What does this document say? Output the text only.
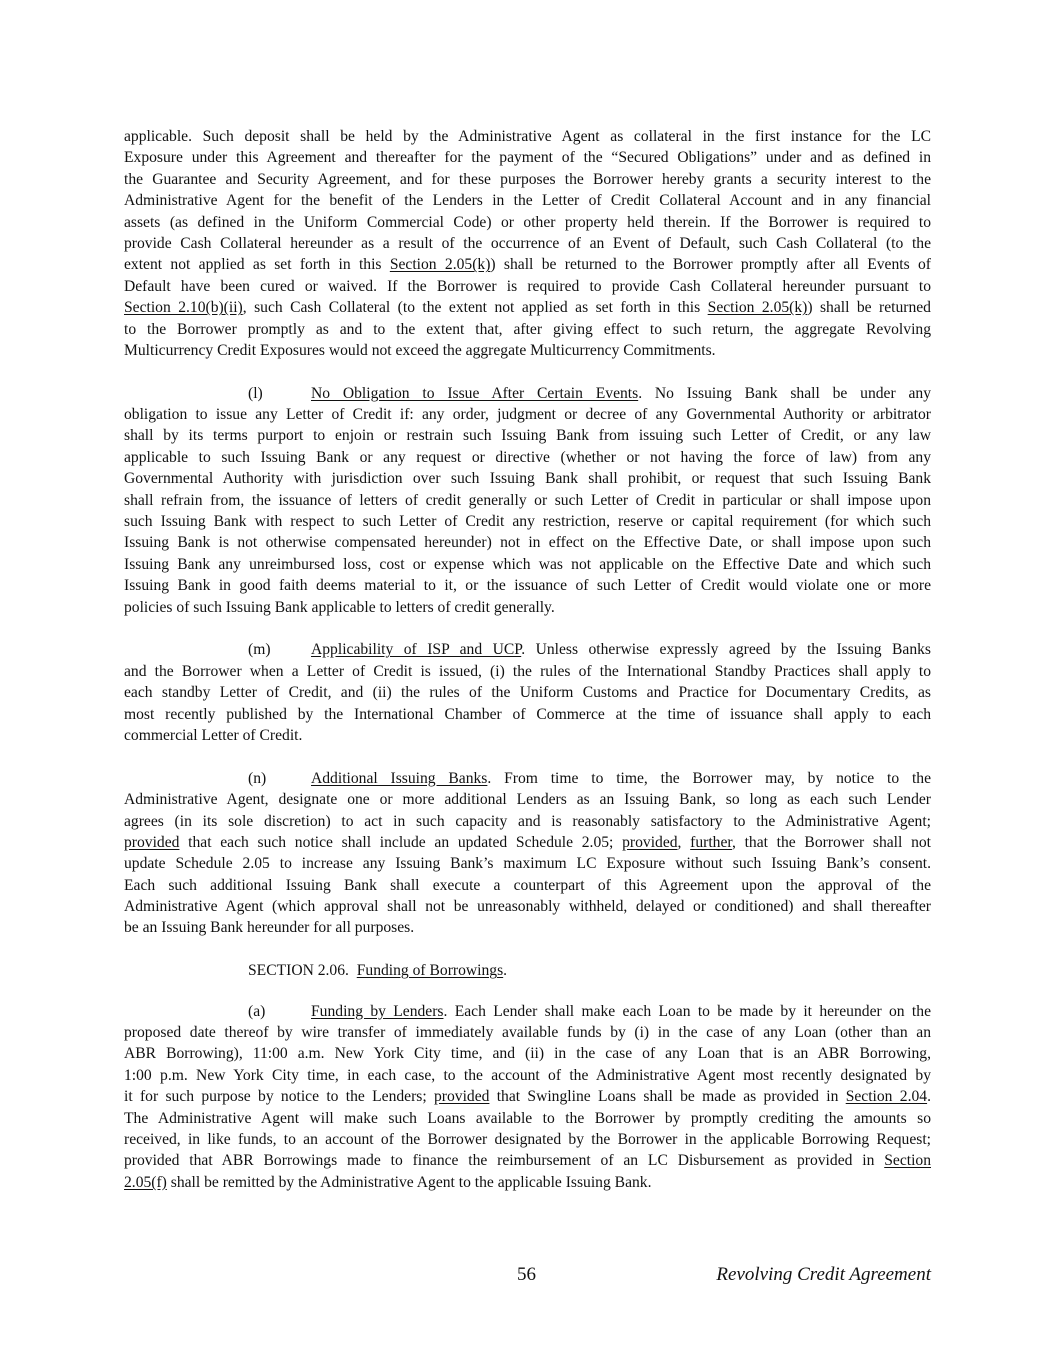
applicable. Such deposit shall be held by the Administrative Agent as collateral in the first instance for the LC
Exposure under this Agreement and thereafter for the payment of the “Secured Obligations” under and as defined in
the Guarantee and Security Agreement, and for these purposes the Borrower hereby grants a security interest to the
Administrative Agent for the benefit of the Lenders in the Letter of Credit Collateral Account and in any financial
assets (as defined in the Uniform Commercial Code) or other property held therein. If the Borrower is required to
provide Cash Collateral hereunder as a result of the occurrence of an Event of Default, such Cash Collateral (to the
extent not applied as set forth in this Section 2.05(k)) shall be returned to the Borrower promptly after all Events of
Default have been cured or waived. If the Borrower is required to provide Cash Collateral hereunder pursuant to
Section 2.10(b)(ii), such Cash Collateral (to the extent not applied as set forth in this Section 2.05(k)) shall be returned
to the Borrower promptly as and to the extent that, after giving effect to such return, the aggregate Revolving
Multicurrency Credit Exposures would not exceed the aggregate Multicurrency Commitments.
(l)	No Obligation to Issue After Certain Events. No Issuing Bank shall be under any
obligation to issue any Letter of Credit if: any order, judgment or decree of any Governmental Authority or arbitrator
shall by its terms purport to enjoin or restrain such Issuing Bank from issuing such Letter of Credit, or any law
applicable to such Issuing Bank or any request or directive (whether or not having the force of law) from any
Governmental Authority with jurisdiction over such Issuing Bank shall prohibit, or request that such Issuing Bank
shall refrain from, the issuance of letters of credit generally or such Letter of Credit in particular or shall impose upon
such Issuing Bank with respect to such Letter of Credit any restriction, reserve or capital requirement (for which such
Issuing Bank is not otherwise compensated hereunder) not in effect on the Effective Date, or shall impose upon such
Issuing Bank any unreimbursed loss, cost or expense which was not applicable on the Effective Date and which such
Issuing Bank in good faith deems material to it, or the issuance of such Letter of Credit would violate one or more
policies of such Issuing Bank applicable to letters of credit generally.
(m)	Applicability of ISP and UCP. Unless otherwise expressly agreed by the Issuing Banks
and the Borrower when a Letter of Credit is issued, (i) the rules of the International Standby Practices shall apply to
each standby Letter of Credit, and (ii) the rules of the Uniform Customs and Practice for Documentary Credits, as
most recently published by the International Chamber of Commerce at the time of issuance shall apply to each
commercial Letter of Credit.
(n)	Additional Issuing Banks. From time to time, the Borrower may, by notice to the
Administrative Agent, designate one or more additional Lenders as an Issuing Bank, so long as each such Lender
agrees (in its sole discretion) to act in such capacity and is reasonably satisfactory to the Administrative Agent;
provided that each such notice shall include an updated Schedule 2.05; provided, further, that the Borrower shall not
update Schedule 2.05 to increase any Issuing Bank’s maximum LC Exposure without such Issuing Bank’s consent.
Each such additional Issuing Bank shall execute a counterpart of this Agreement upon the approval of the
Administrative Agent (which approval shall not be unreasonably withheld, delayed or conditioned) and shall thereafter
be an Issuing Bank hereunder for all purposes.
SECTION 2.06.  Funding of Borrowings.
(a)	Funding by Lenders. Each Lender shall make each Loan to be made by it hereunder on the
proposed date thereof by wire transfer of immediately available funds by (i) in the case of any Loan (other than an
ABR Borrowing), 11:00 a.m. New York City time, and (ii) in the case of any Loan that is an ABR Borrowing,
1:00 p.m. New York City time, in each case, to the account of the Administrative Agent most recently designated by
it for such purpose by notice to the Lenders; provided that Swingline Loans shall be made as provided in Section 2.04.
The Administrative Agent will make such Loans available to the Borrower by promptly crediting the amounts so
received, in like funds, to an account of the Borrower designated by the Borrower in the applicable Borrowing Request;
provided that ABR Borrowings made to finance the reimbursement of an LC Disbursement as provided in Section
2.05(f) shall be remitted by the Administrative Agent to the applicable Issuing Bank.
56	Revolving Credit Agreement
